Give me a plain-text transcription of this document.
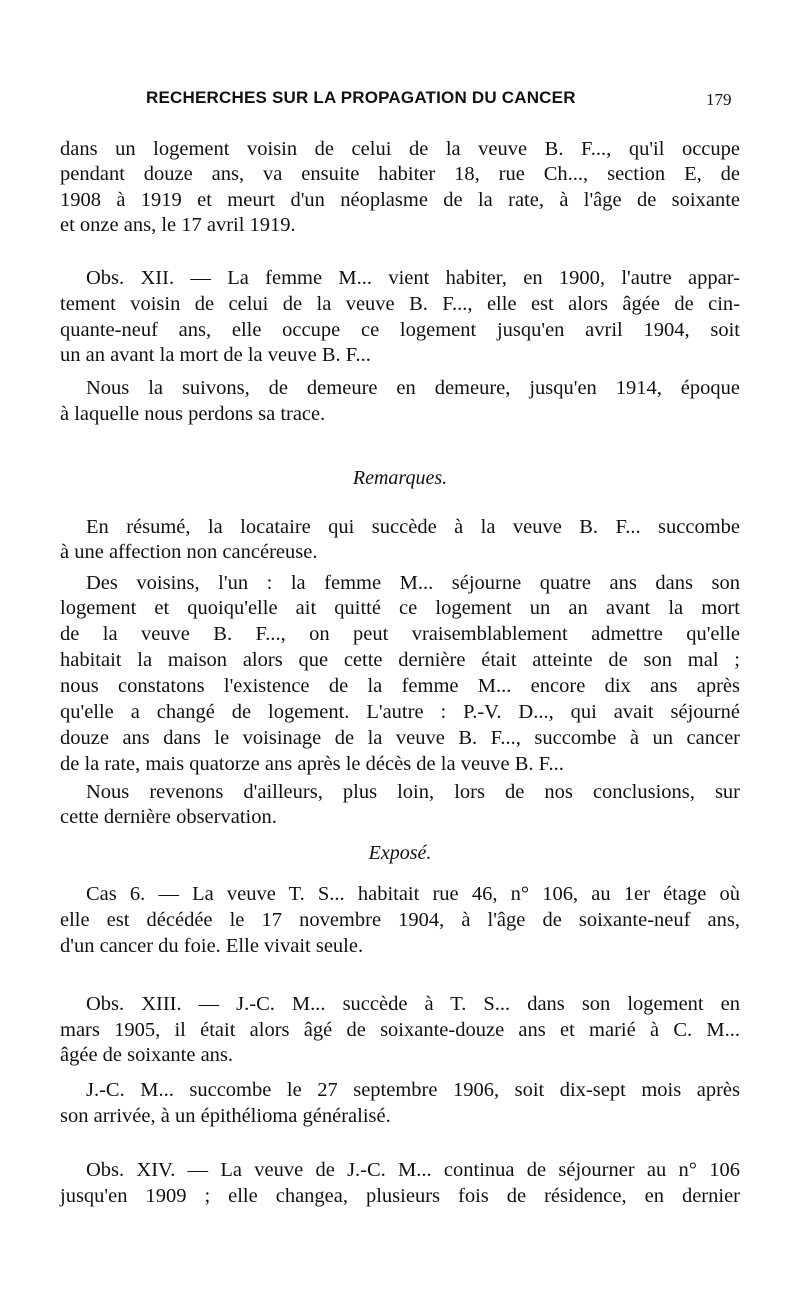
RECHERCHES SUR LA PROPAGATION DU CANCER	179
dans un logement voisin de celui de la veuve B. F..., qu'il occupe
pendant douze ans, va ensuite habiter 18, rue Ch..., section E, de
1908 à 1919 et meurt d'un néoplasme de la rate, à l'âge de soixante
et onze ans, le 17 avril 1919.
Obs. XII. — La femme M... vient habiter, en 1900, l'autre appar-
tement voisin de celui de la veuve B. F..., elle est alors âgée de cin-
quante-neuf ans, elle occupe ce logement jusqu'en avril 1904, soit
un an avant la mort de la veuve B. F...
Nous la suivons, de demeure en demeure, jusqu'en 1914, époque
à laquelle nous perdons sa trace.
Remarques.
En résumé, la locataire qui succède à la veuve B. F... succombe
à une affection non cancéreuse.
Des voisins, l'un : la femme M... séjourne quatre ans dans son
logement et quoiqu'elle ait quitté ce logement un an avant la mort
de la veuve B. F..., on peut vraisemblablement admettre qu'elle
habitait la maison alors que cette dernière était atteinte de son mal ;
nous constatons l'existence de la femme M... encore dix ans après
qu'elle a changé de logement. L'autre : P.-V. D..., qui avait séjourné
douze ans dans le voisinage de la veuve B. F..., succombe à un cancer
de la rate, mais quatorze ans après le décès de la veuve B. F...
Nous revenons d'ailleurs, plus loin, lors de nos conclusions, sur
cette dernière observation.
Exposé.
Cas 6. — La veuve T. S... habitait rue 46, n° 106, au 1er étage où
elle est décédée le 17 novembre 1904, à l'âge de soixante-neuf ans,
d'un cancer du foie. Elle vivait seule.
Obs. XIII. — J.-C. M... succède à T. S... dans son logement en
mars 1905, il était alors âgé de soixante-douze ans et marié à C. M...
âgée de soixante ans.
J.-C. M... succombe le 27 septembre 1906, soit dix-sept mois après
son arrivée, à un épithélioma généralisé.
Obs. XIV. — La veuve de J.-C. M... continua de séjourner au n° 106
jusqu'en 1909 ; elle changea, plusieurs fois de résidence, en dernier
